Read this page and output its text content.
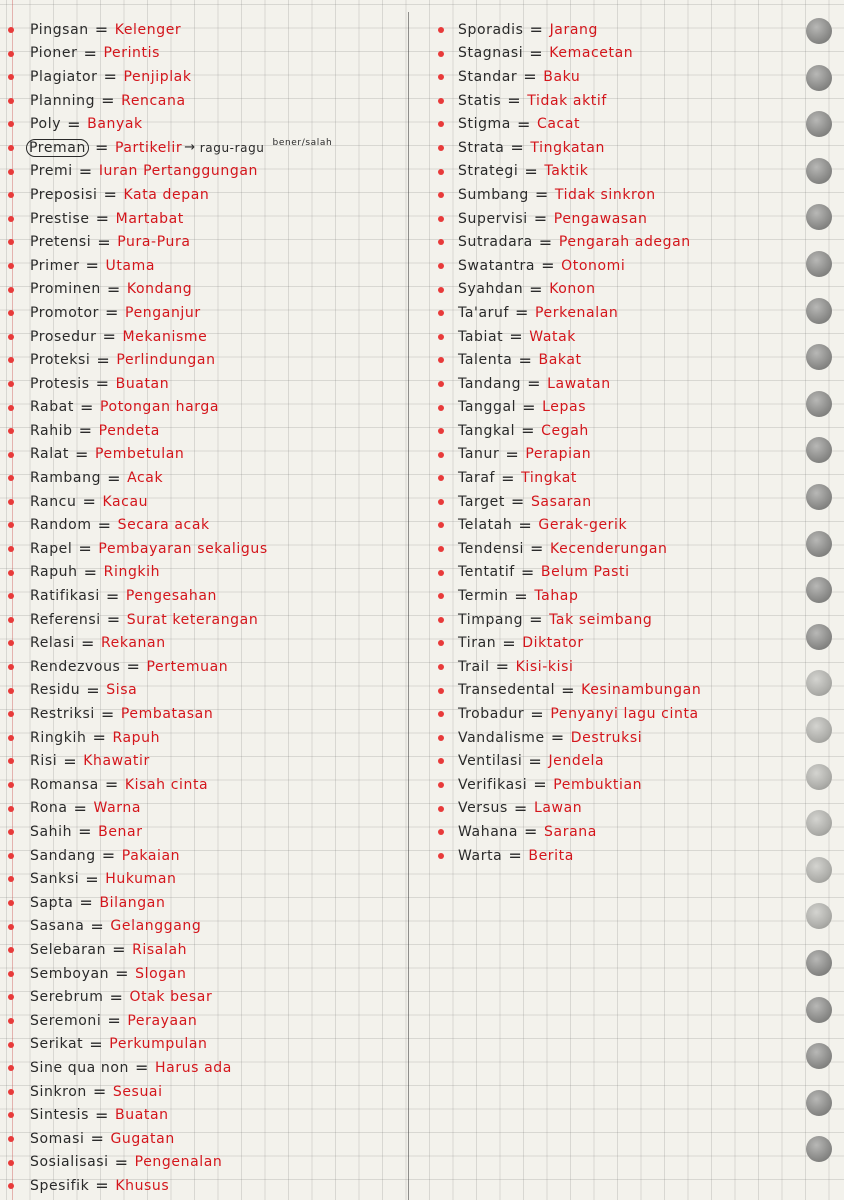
Pingsan = Kelenger
Pioner = Perintis
Plagiator = Penjiplak
Planning = Rencana
Poly = Banyak
Preman = Partikelir → ragu-ragu bener/salah
Premi = Iuran Pertanggungan
Preposisi = Kata depan
Prestise = Martabat
Pretensi = Pura-Pura
Primer = Utama
Prominen = Kondang
Promotor = Penganjur
Prosedur = Mekanisme
Proteksi = Perlindungan
Protesis = Buatan
Rabat = Potongan harga
Rahib = Pendeta
Ralat = Pembetulan
Rambang = Acak
Rancu = Kacau
Random = Secara acak
Rapel = Pembayaran sekaligus
Rapuh = Ringkih
Ratifikasi = Pengesahan
Referensi = Surat keterangan
Relasi = Rekanan
Rendezvous = Pertemuan
Residu = Sisa
Restriksi = Pembatasan
Ringkih = Rapuh
Risi = Khawatir
Romansa = Kisah cinta
Rona = Warna
Sahih = Benar
Sandang = Pakaian
Sanksi = Hukuman
Sapta = Bilangan
Sasana = Gelanggang
Selebaran = Risalah
Semboyan = Slogan
Serebrum = Otak besar
Seremoni = Perayaan
Serikat = Perkumpulan
Sine qua non = Harus ada
Sinkron = Sesuai
Sintesis = Buatan
Somasi = Gugatan
Sosialisasi = Pengenalan
Spesifik = Khusus
Sporadis = Jarang
Stagnasi = Kemacetan
Standar = Baku
Statis = Tidak aktif
Stigma = Cacat
Strata = Tingkatan
Strategi = Taktik
Sumbang = Tidak sinkron
Supervisi = Pengawasan
Sutradara = Pengarah adegan
Swatantra = Otonomi
Syahdan = Konon
Ta'aruf = Perkenalan
Tabiat = Watak
Talenta = Bakat
Tandang = Lawatan
Tanggal = Lepas
Tangkal = Cegah
Tanur = Perapian
Taraf = Tingkat
Target = Sasaran
Telatah = Gerak-gerik
Tendensi = Kecenderungan
Tentatif = Belum Pasti
Termin = Tahap
Timpang = Tak seimbang
Tiran = Diktator
Trail = Kisi-kisi
Transedental = Kesinambungan
Trobadur = Penyanyi lagu cinta
Vandalisme = Destruksi
Ventilasi = Jendela
Verifikasi = Pembuktian
Versus = Lawan
Wahana = Sarana
Warta = Berita
